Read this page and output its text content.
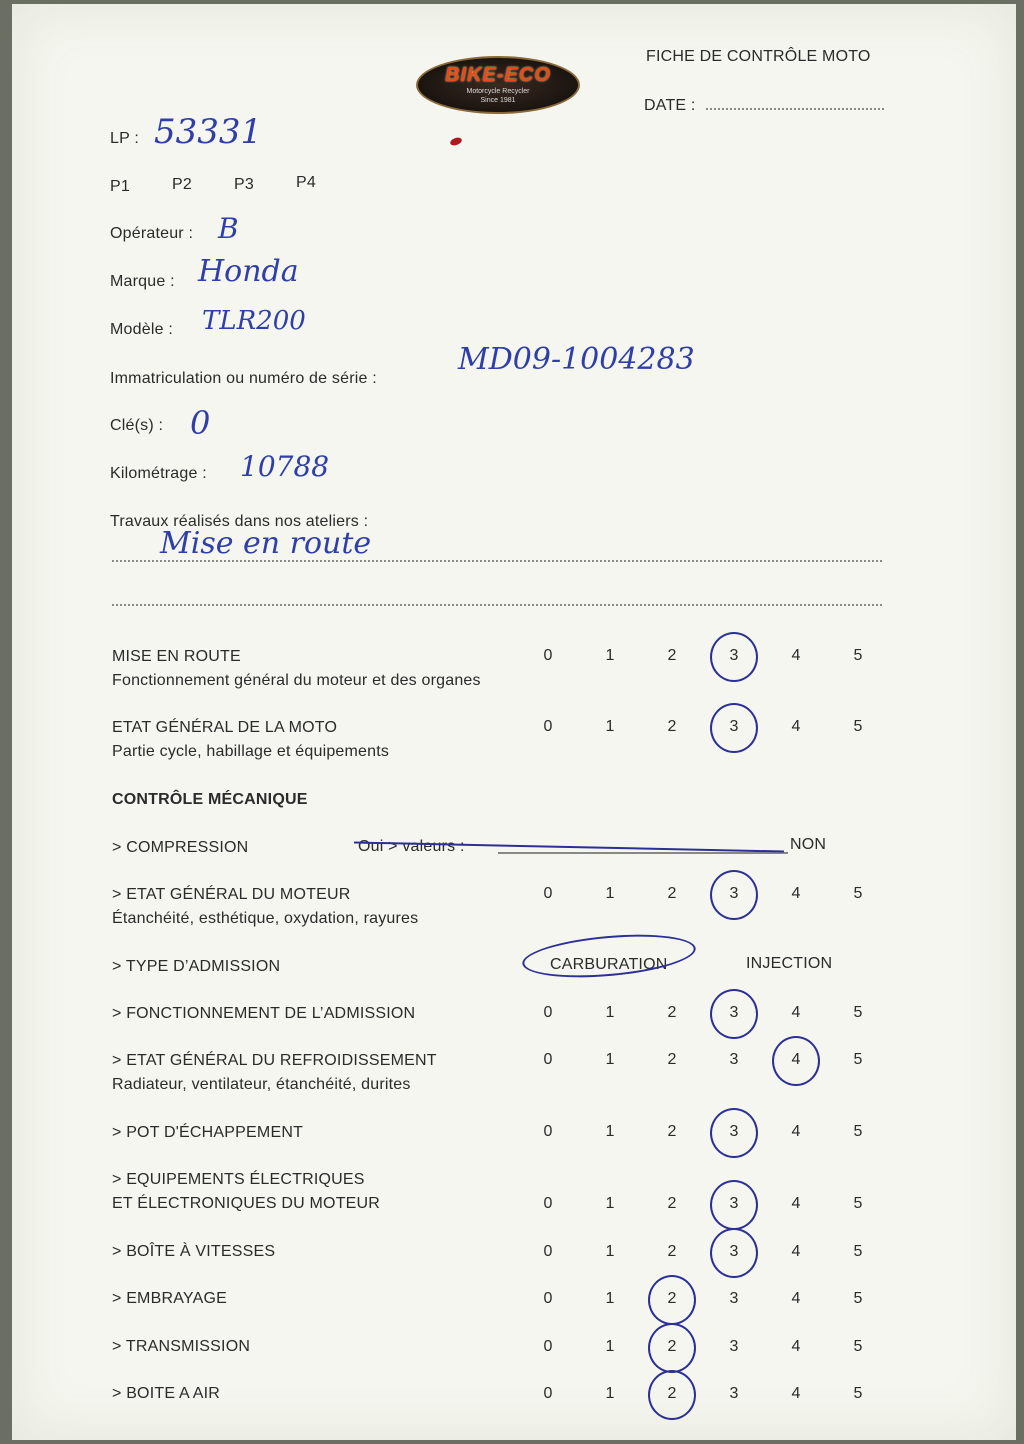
BIKE-ECO
Motorcycle Recycler
Since 1981
FICHE DE CONTRÔLE MOTO
DATE :
LP : 53331
P1	P2	P3	P4
Opérateur : B
Marque : Honda
Modèle : TLR200
Immatriculation ou numéro de série :
MD09-1004283
Clé(s) : 0
Kilométrage : 10788
Travaux réalisés dans nos ateliers :
Mise en route
MISE EN ROUTE
Fonctionnement général du moteur et des organes
0	1	2	3	4	5
ETAT GÉNÉRAL DE LA MOTO
Partie cycle, habillage et équipements
0	1	2	3	4	5
CONTRÔLE MÉCANIQUE
> COMPRESSION	Oui > valeurs :	NON
> ETAT GÉNÉRAL DU MOTEUR
Étanchéité, esthétique, oxydation, rayures
0	1	2	3	4	5
> TYPE D’ADMISSION	CARBURATION	INJECTION
> FONCTIONNEMENT DE L’ADMISSION	0	1	2	3	4	5
> ETAT GÉNÉRAL DU REFROIDISSEMENT
Radiateur, ventilateur, étanchéité, durites
0	1	2	3	4	5
> POT D'ÉCHAPPEMENT	0	1	2	3	4	5
> EQUIPEMENTS ÉLECTRIQUES
ET ÉLECTRONIQUES DU MOTEUR	0	1	2	3	4	5
> BOÎTE À VITESSES	0	1	2	3	4	5
> EMBRAYAGE	0	1	2	3	4	5
> TRANSMISSION	0	1	2	3	4	5
> BOITE A AIR	0	1	2	3	4	5
